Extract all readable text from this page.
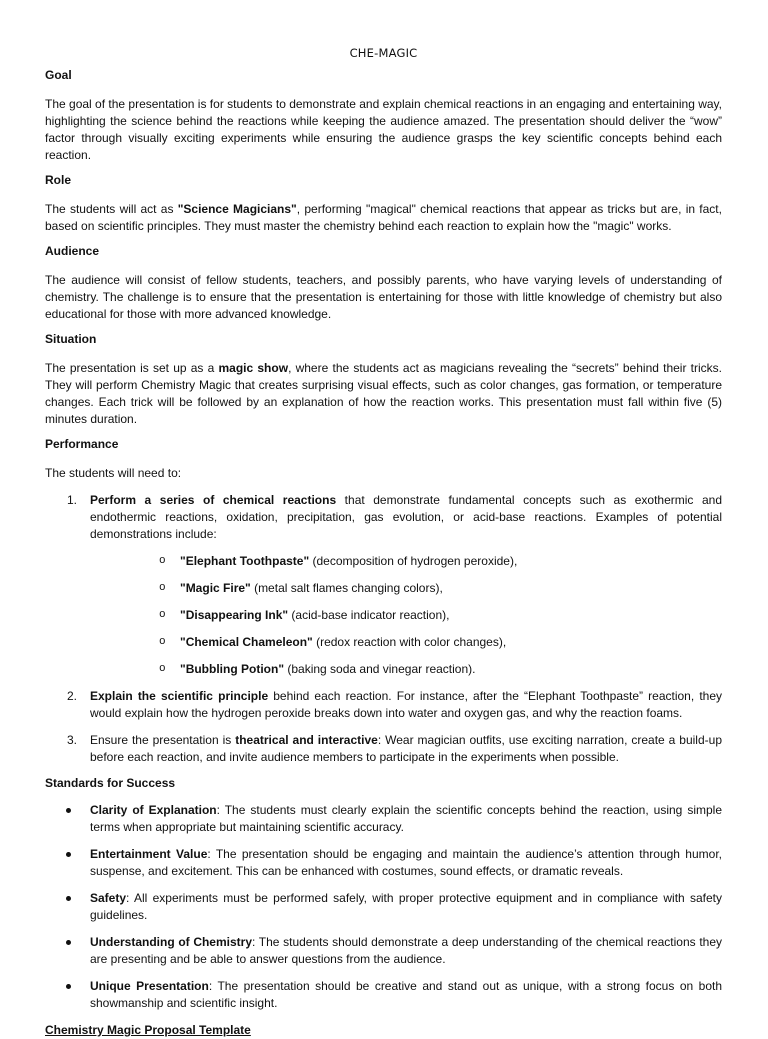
CHE-MAGIC
Goal
The goal of the presentation is for students to demonstrate and explain chemical reactions in an engaging and entertaining way, highlighting the science behind the reactions while keeping the audience amazed. The presentation should deliver the “wow” factor through visually exciting experiments while ensuring the audience grasps the key scientific concepts behind each reaction.
Role
The students will act as "Science Magicians", performing "magical" chemical reactions that appear as tricks but are, in fact, based on scientific principles. They must master the chemistry behind each reaction to explain how the "magic" works.
Audience
The audience will consist of fellow students, teachers, and possibly parents, who have varying levels of understanding of chemistry. The challenge is to ensure that the presentation is entertaining for those with little knowledge of chemistry but also educational for those with more advanced knowledge.
Situation
The presentation is set up as a magic show, where the students act as magicians revealing the “secrets” behind their tricks. They will perform Chemistry Magic that creates surprising visual effects, such as color changes, gas formation, or temperature changes. Each trick will be followed by an explanation of how the reaction works. This presentation must fall within five (5) minutes duration.
Performance
The students will need to:
1. Perform a series of chemical reactions that demonstrate fundamental concepts such as exothermic and endothermic reactions, oxidation, precipitation, gas evolution, or acid-base reactions. Examples of potential demonstrations include:
o "Elephant Toothpaste" (decomposition of hydrogen peroxide),
o "Magic Fire" (metal salt flames changing colors),
o "Disappearing Ink" (acid-base indicator reaction),
o "Chemical Chameleon" (redox reaction with color changes),
o "Bubbling Potion" (baking soda and vinegar reaction).
2. Explain the scientific principle behind each reaction. For instance, after the “Elephant Toothpaste” reaction, they would explain how the hydrogen peroxide breaks down into water and oxygen gas, and why the reaction foams.
3. Ensure the presentation is theatrical and interactive: Wear magician outfits, use exciting narration, create a build-up before each reaction, and invite audience members to participate in the experiments when possible.
Standards for Success
Clarity of Explanation: The students must clearly explain the scientific concepts behind the reaction, using simple terms when appropriate but maintaining scientific accuracy.
Entertainment Value: The presentation should be engaging and maintain the audience’s attention through humor, suspense, and excitement. This can be enhanced with costumes, sound effects, or dramatic reveals.
Safety: All experiments must be performed safely, with proper protective equipment and in compliance with safety guidelines.
Understanding of Chemistry: The students should demonstrate a deep understanding of the chemical reactions they are presenting and be able to answer questions from the audience.
Unique Presentation: The presentation should be creative and stand out as unique, with a strong focus on both showmanship and scientific insight.
Chemistry Magic Proposal Template
